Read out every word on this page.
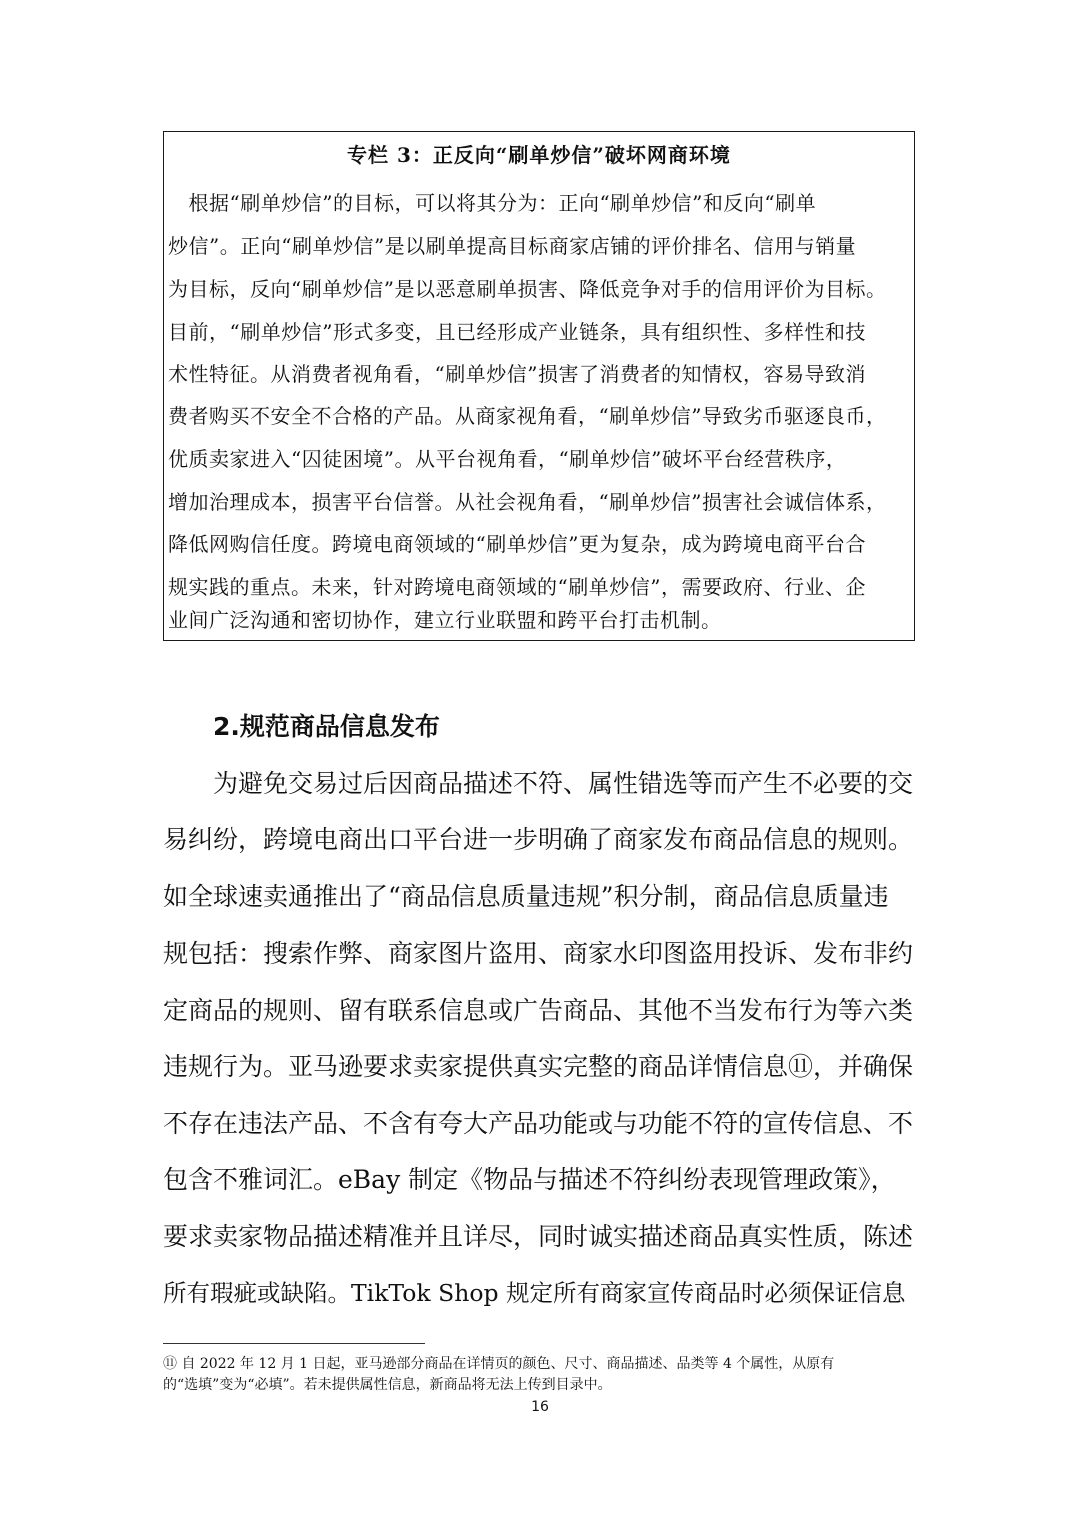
专栏 3：正反向“刷单炒信”破坏网商环境
　根据“刷单炒信”的目标，可以将其分为：正向“刷单炒信”和反向“刷单
炒信”。正向“刷单炒信”是以刷单提高目标商家店铺的评价排名、信用与销量
为目标，反向“刷单炒信”是以恶意刷单损害、降低竞争对手的信用评价为目标。
目前，“刷单炒信”形式多变，且已经形成产业链条，具有组织性、多样性和技
术性特征。从消费者视角看，“刷单炒信”损害了消费者的知情权，容易导致消
费者购买不安全不合格的产品。从商家视角看，“刷单炒信”导致劣币驱逐良币，
优质卖家进入“囚徒困境”。从平台视角看，“刷单炒信”破坏平台经营秩序，
增加治理成本，损害平台信誉。从社会视角看，“刷单炒信”损害社会诚信体系，
降低网购信任度。跨境电商领域的“刷单炒信”更为复杂，成为跨境电商平台合
规实践的重点。未来，针对跨境电商领域的“刷单炒信”，需要政府、行业、企
业间广泛沟通和密切协作，建立行业联盟和跨平台打击机制。
2.规范商品信息发布
为避免交易过后因商品描述不符、属性错选等而产生不必要的交
易纠纷，跨境电商出口平台进一步明确了商家发布商品信息的规则。
如全球速卖通推出了“商品信息质量违规”积分制，商品信息质量违
规包括：搜索作弊、商家图片盗用、商家水印图盗用投诉、发布非约
定商品的规则、留有联系信息或广告商品、其他不当发布行为等六类
违规行为。亚马逊要求卖家提供真实完整的商品详情信息⑪，并确保
不存在违法产品、不含有夸大产品功能或与功能不符的宣传信息、不
包含不雅词汇。eBay 制定《物品与描述不符纠纷表现管理政策》，
要求卖家物品描述精准并且详尽，同时诚实描述商品真实性质，陈述
所有瑕疵或缺陷。TikTok Shop 规定所有商家宣传商品时必须保证信息
⑪ 自 2022 年 12 月 1 日起，亚马逊部分商品在详情页的颜色、尺寸、商品描述、品类等 4 个属性，从原有
的“选填”变为“必填”。若未提供属性信息，新商品将无法上传到目录中。
16
